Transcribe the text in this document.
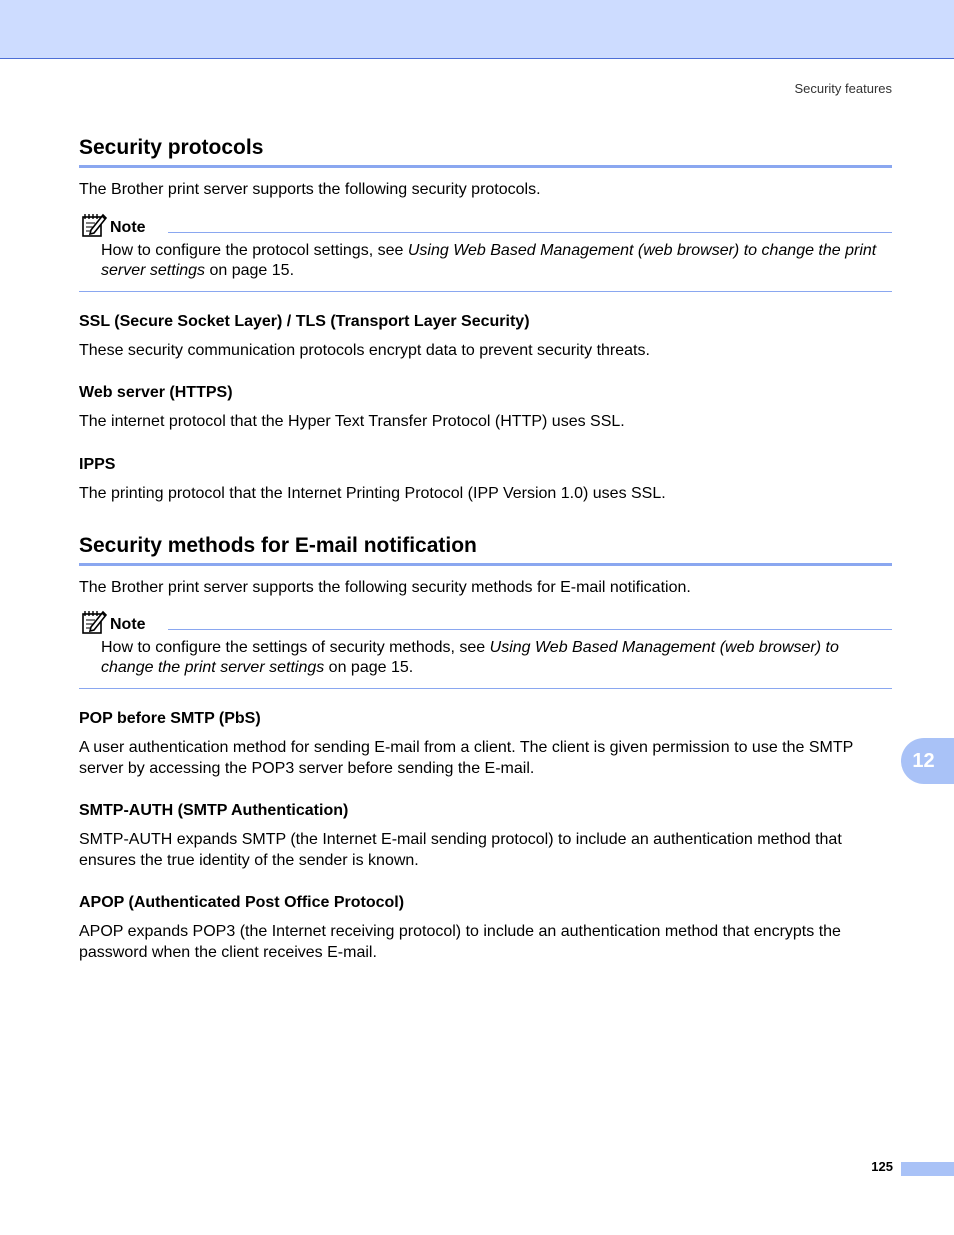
Security features
Security protocols

The Brother print server supports the following security protocols.

Note

How to configure the protocol settings, see Using Web Based Management (web browser) to change the print server settings on page 15.

SSL (Secure Socket Layer) / TLS (Transport Layer Security)

These security communication protocols encrypt data to prevent security threats.

Web server (HTTPS)

The internet protocol that the Hyper Text Transfer Protocol (HTTP) uses SSL.

IPPS

The printing protocol that the Internet Printing Protocol (IPP Version 1.0) uses SSL.

Security methods for E-mail notification

The Brother print server supports the following security methods for E-mail notification.

Note

How to configure the settings of security methods, see Using Web Based Management (web browser) to change the print server settings on page 15.

POP before SMTP (PbS)

A user authentication method for sending E-mail from a client. The client is given permission to use the SMTP server by accessing the POP3 server before sending the E-mail.

SMTP-AUTH (SMTP Authentication)

SMTP-AUTH expands SMTP (the Internet E-mail sending protocol) to include an authentication method that ensures the true identity of the sender is known.

APOP (Authenticated Post Office Protocol)

APOP expands POP3 (the Internet receiving protocol) to include an authentication method that encrypts the password when the client receives E-mail.

12
125
